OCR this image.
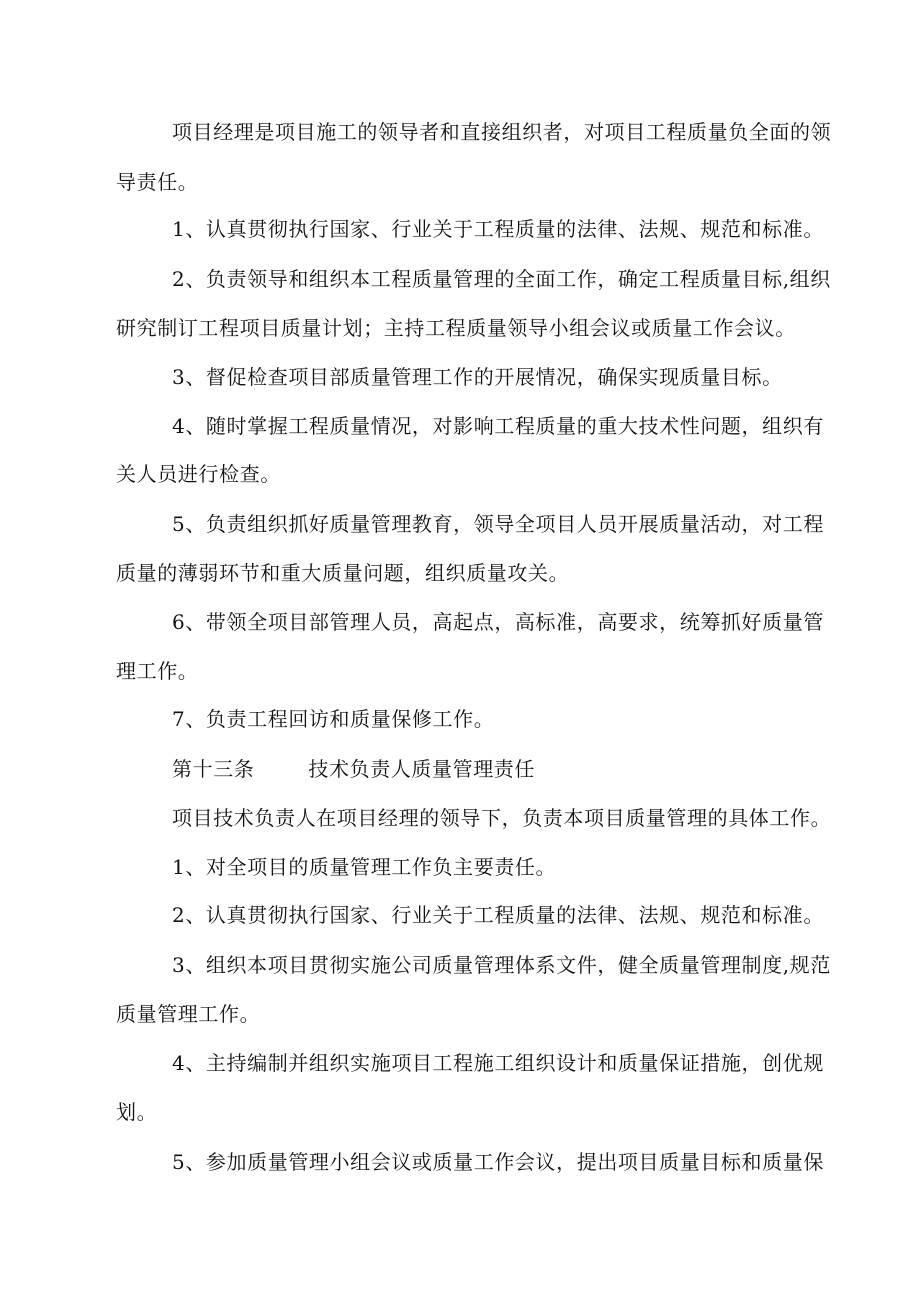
项目经理是项目施工的领导者和直接组织者，对项目工程质量负全面的领
导责任。
1、认真贯彻执行国家、行业关于工程质量的法律、法规、规范和标准。
2、负责领导和组织本工程质量管理的全面工作，确定工程质量目标,组织
研究制订工程项目质量计划；主持工程质量领导小组会议或质量工作会议。
3、督促检查项目部质量管理工作的开展情况，确保实现质量目标。
4、随时掌握工程质量情况，对影响工程质量的重大技术性问题，组织有
关人员进行检查。
5、负责组织抓好质量管理教育，领导全项目人员开展质量活动，对工程
质量的薄弱环节和重大质量问题，组织质量攻关。
6、带领全项目部管理人员，高起点，高标准，高要求，统筹抓好质量管
理工作。
7、负责工程回访和质量保修工作。
第十三条	技术负责人质量管理责任
项目技术负责人在项目经理的领导下，负责本项目质量管理的具体工作。
1、对全项目的质量管理工作负主要责任。
2、认真贯彻执行国家、行业关于工程质量的法律、法规、规范和标准。
3、组织本项目贯彻实施公司质量管理体系文件，健全质量管理制度,规范
质量管理工作。
4、主持编制并组织实施项目工程施工组织设计和质量保证措施，创优规
划。
5、参加质量管理小组会议或质量工作会议，提出项目质量目标和质量保
